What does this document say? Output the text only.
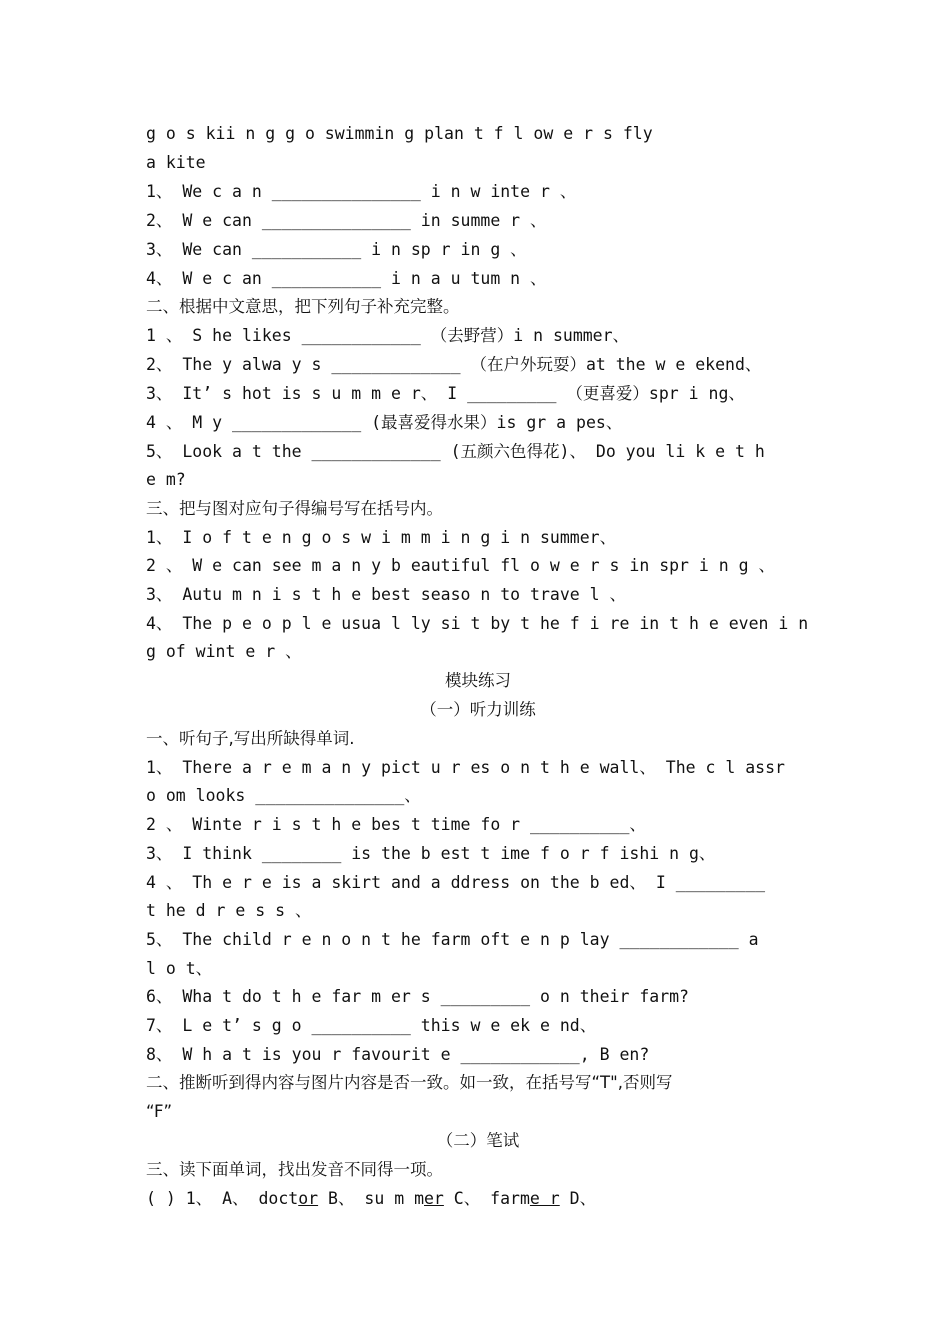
g o s kii n g g o swimmin g plan t f l ow e r s fly
a kite
1、 We c a n _______________ i n w inte r 、
2、 W e can _______________ in summe r 、
3、 We can ___________ i n sp r in g 、
4、 W e c an ___________ i n a u tum n 、
二、根据中文意思，把下列句子补充完整。
1 、 S he likes ____________ （去野营）i n summer、
2、 The y alwa y s _____________ （在户外玩耍）at the w e ekend、
3、 It’ s hot is s u m m e r、 I _________ （更喜爱）spr i ng、
4 、 M y _____________ (最喜爱得水果）is gr a pes、
5、 Look a t the _____________ (五颜六色得花)、 Do you li k e t h
e m?
三、把与图对应句子得编号写在括号内。
1、 I o f t e n g o s w i m m i n g i n summer、
2 、 W e can see m a n y b eautiful fl o w e r s in spr i n g 、
3、 Autu m n i s t h e best seaso n to trave l 、
4、 The p e o p l e usua l ly si t by t he f i re in t h e even i n
g of wint e r 、
模块练习
（一）听力训练
一、听句子,写出所缺得单词.
1、 There a r e m a n y pict u r es o n t h e wall、 The c l assr
o om looks _______________、
2 、 Winte r i s t h e bes t time fo r __________、
3、 I think ________ is the b est t ime f o r f ishi n g、
4 、 Th e r e is a skirt and a ddress on the b ed、 I _________
t he d r e s s 、
5、 The child r e n o n t he farm oft e n p lay ____________ a
l o t、
6、 Wha t do t h e far m er s _________ o n their farm?
7、 L e t’ s g o __________ this w e ek e nd、
8、 W h a t is you r favourit e ____________, B en?
二、推断听到得内容与图片内容是否一致。如一致，在括号写“T",否则写
“F”
（二）笔试
三、读下面单词，找出发音不同得一项。
( ) 1、 A、 doctor B、 su m mer C、 farme r D、
